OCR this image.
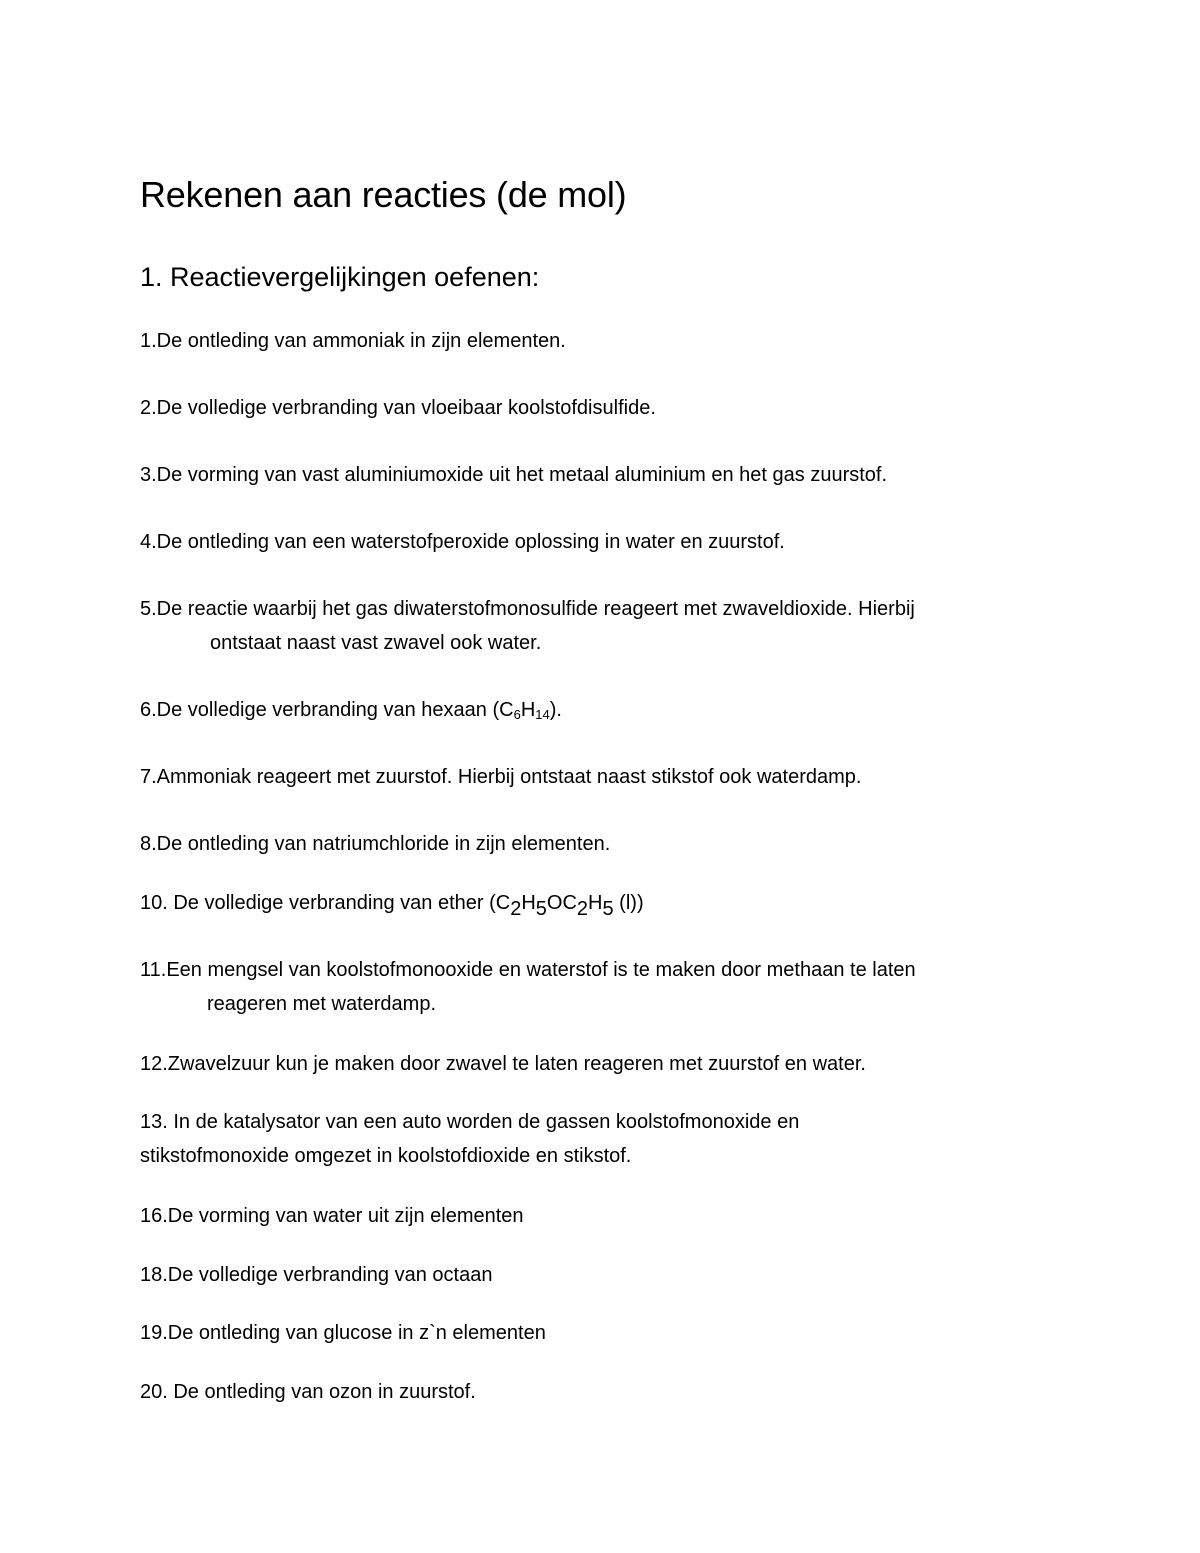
Rekenen aan reacties (de mol)
1. Reactievergelijkingen oefenen:

1.De ontleding van ammoniak in zijn elementen.

2.De volledige verbranding van vloeibaar koolstofdisulfide.

3.De vorming van vast aluminiumoxide uit het metaal aluminium en het gas zuurstof.

4.De ontleding van een waterstofperoxide oplossing in water en zuurstof.

5.De reactie waarbij het gas diwaterstofmonosulfide reageert met zwaveldioxide. Hierbij
ontstaat naast vast zwavel ook water.

6.De volledige verbranding van hexaan $(C_6H_{14})$.

7.Ammoniak reageert met zuurstof. Hierbij ontstaat naast stikstof ook waterdamp.

8.De ontleding van natriumchloride in zijn elementen.

10. De volledige verbranding van ether ($C_2H_5OC_2H_5$ (l))

11.Een mengsel van koolstofmonooxide en waterstof is te maken door methaan te laten
reageren met waterdamp.

12.Zwavelzuur kun je maken door zwavel te laten reageren met zuurstof en water.

13. In de katalysator van een auto worden de gassen koolstofmonoxide en
stikstofmonoxide omgezet in koolstofdioxide en stikstof.

16.De vorming van water uit zijn elementen

18.De volledige verbranding van octaan

19.De ontleding van glucose in z`n elementen

20. De ontleding van ozon in zuurstof.
